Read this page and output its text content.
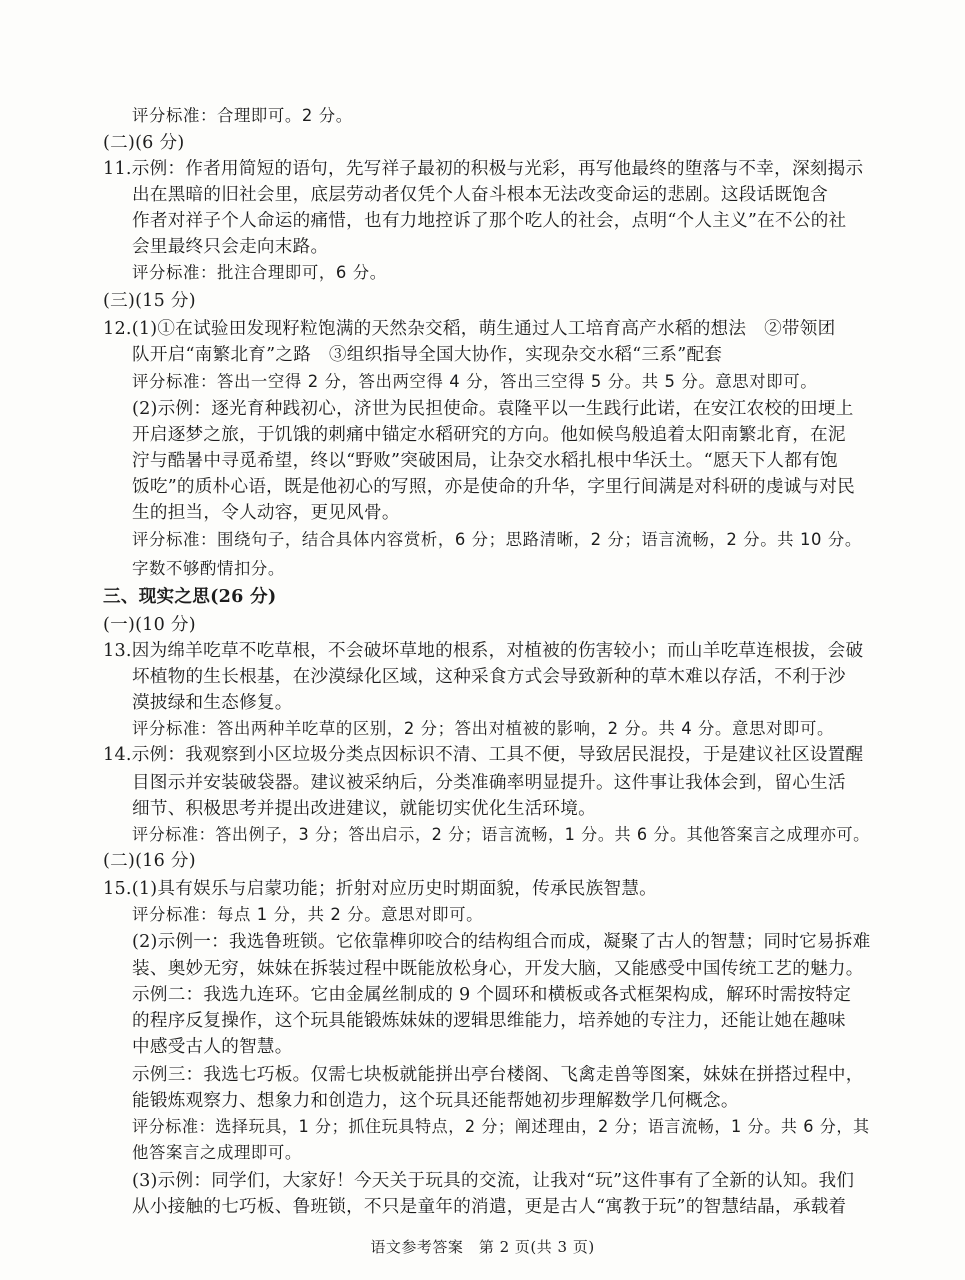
评分标准：合理即可。2 分。
(二)(6 分)
11.示例：作者用简短的语句，先写祥子最初的积极与光彩，再写他最终的堕落与不幸，深刻揭示
出在黑暗的旧社会里，底层劳动者仅凭个人奋斗根本无法改变命运的悲剧。这段话既饱含
作者对祥子个人命运的痛惜，也有力地控诉了那个吃人的社会，点明“个人主义”在不公的社
会里最终只会走向末路。
评分标准：批注合理即可，6 分。
(三)(15 分)
12.(1)①在试验田发现籽粒饱满的天然杂交稻，萌生通过人工培育高产水稻的想法　②带领团
队开启“南繁北育”之路　③组织指导全国大协作，实现杂交水稻“三系”配套
评分标准：答出一空得 2 分，答出两空得 4 分，答出三空得 5 分。共 5 分。意思对即可。
(2)示例：逐光育种践初心，济世为民担使命。袁隆平以一生践行此诺，在安江农校的田埂上
开启逐梦之旅，于饥饿的刺痛中锚定水稻研究的方向。他如候鸟般追着太阳南繁北育，在泥
泞与酷暑中寻觅希望，终以“野败”突破困局，让杂交水稻扎根中华沃土。“愿天下人都有饱
饭吃”的质朴心语，既是他初心的写照，亦是使命的升华，字里行间满是对科研的虔诚与对民
生的担当，令人动容，更见风骨。
评分标准：围绕句子，结合具体内容赏析，6 分；思路清晰，2 分；语言流畅，2 分。共 10 分。
字数不够酌情扣分。
三、现实之思(26 分)
(一)(10 分)
13.因为绵羊吃草不吃草根，不会破坏草地的根系，对植被的伤害较小；而山羊吃草连根拔，会破
坏植物的生长根基，在沙漠绿化区域，这种采食方式会导致新种的草木难以存活，不利于沙
漠披绿和生态修复。
评分标准：答出两种羊吃草的区别，2 分；答出对植被的影响，2 分。共 4 分。意思对即可。
14.示例：我观察到小区垃圾分类点因标识不清、工具不便，导致居民混投，于是建议社区设置醒
目图示并安装破袋器。建议被采纳后，分类准确率明显提升。这件事让我体会到，留心生活
细节、积极思考并提出改进建议，就能切实优化生活环境。
评分标准：答出例子，3 分；答出启示，2 分；语言流畅，1 分。共 6 分。其他答案言之成理亦可。
(二)(16 分)
15.(1)具有娱乐与启蒙功能；折射对应历史时期面貌，传承民族智慧。
评分标准：每点 1 分，共 2 分。意思对即可。
(2)示例一：我选鲁班锁。它依靠榫卯咬合的结构组合而成，凝聚了古人的智慧；同时它易拆难
装、奥妙无穷，妹妹在拆装过程中既能放松身心，开发大脑，又能感受中国传统工艺的魅力。
示例二：我选九连环。它由金属丝制成的 9 个圆环和横板或各式框架构成，解环时需按特定
的程序反复操作，这个玩具能锻炼妹妹的逻辑思维能力，培养她的专注力，还能让她在趣味
中感受古人的智慧。
示例三：我选七巧板。仅需七块板就能拼出亭台楼阁、飞禽走兽等图案，妹妹在拼搭过程中，
能锻炼观察力、想象力和创造力，这个玩具还能帮她初步理解数学几何概念。
评分标准：选择玩具，1 分；抓住玩具特点，2 分；阐述理由，2 分；语言流畅，1 分。共 6 分，其
他答案言之成理即可。
(3)示例：同学们，大家好！今天关于玩具的交流，让我对“玩”这件事有了全新的认知。我们
从小接触的七巧板、鲁班锁，不只是童年的消遣，更是古人“寓教于玩”的智慧结晶，承载着
语文参考答案　第 2 页(共 3 页)
